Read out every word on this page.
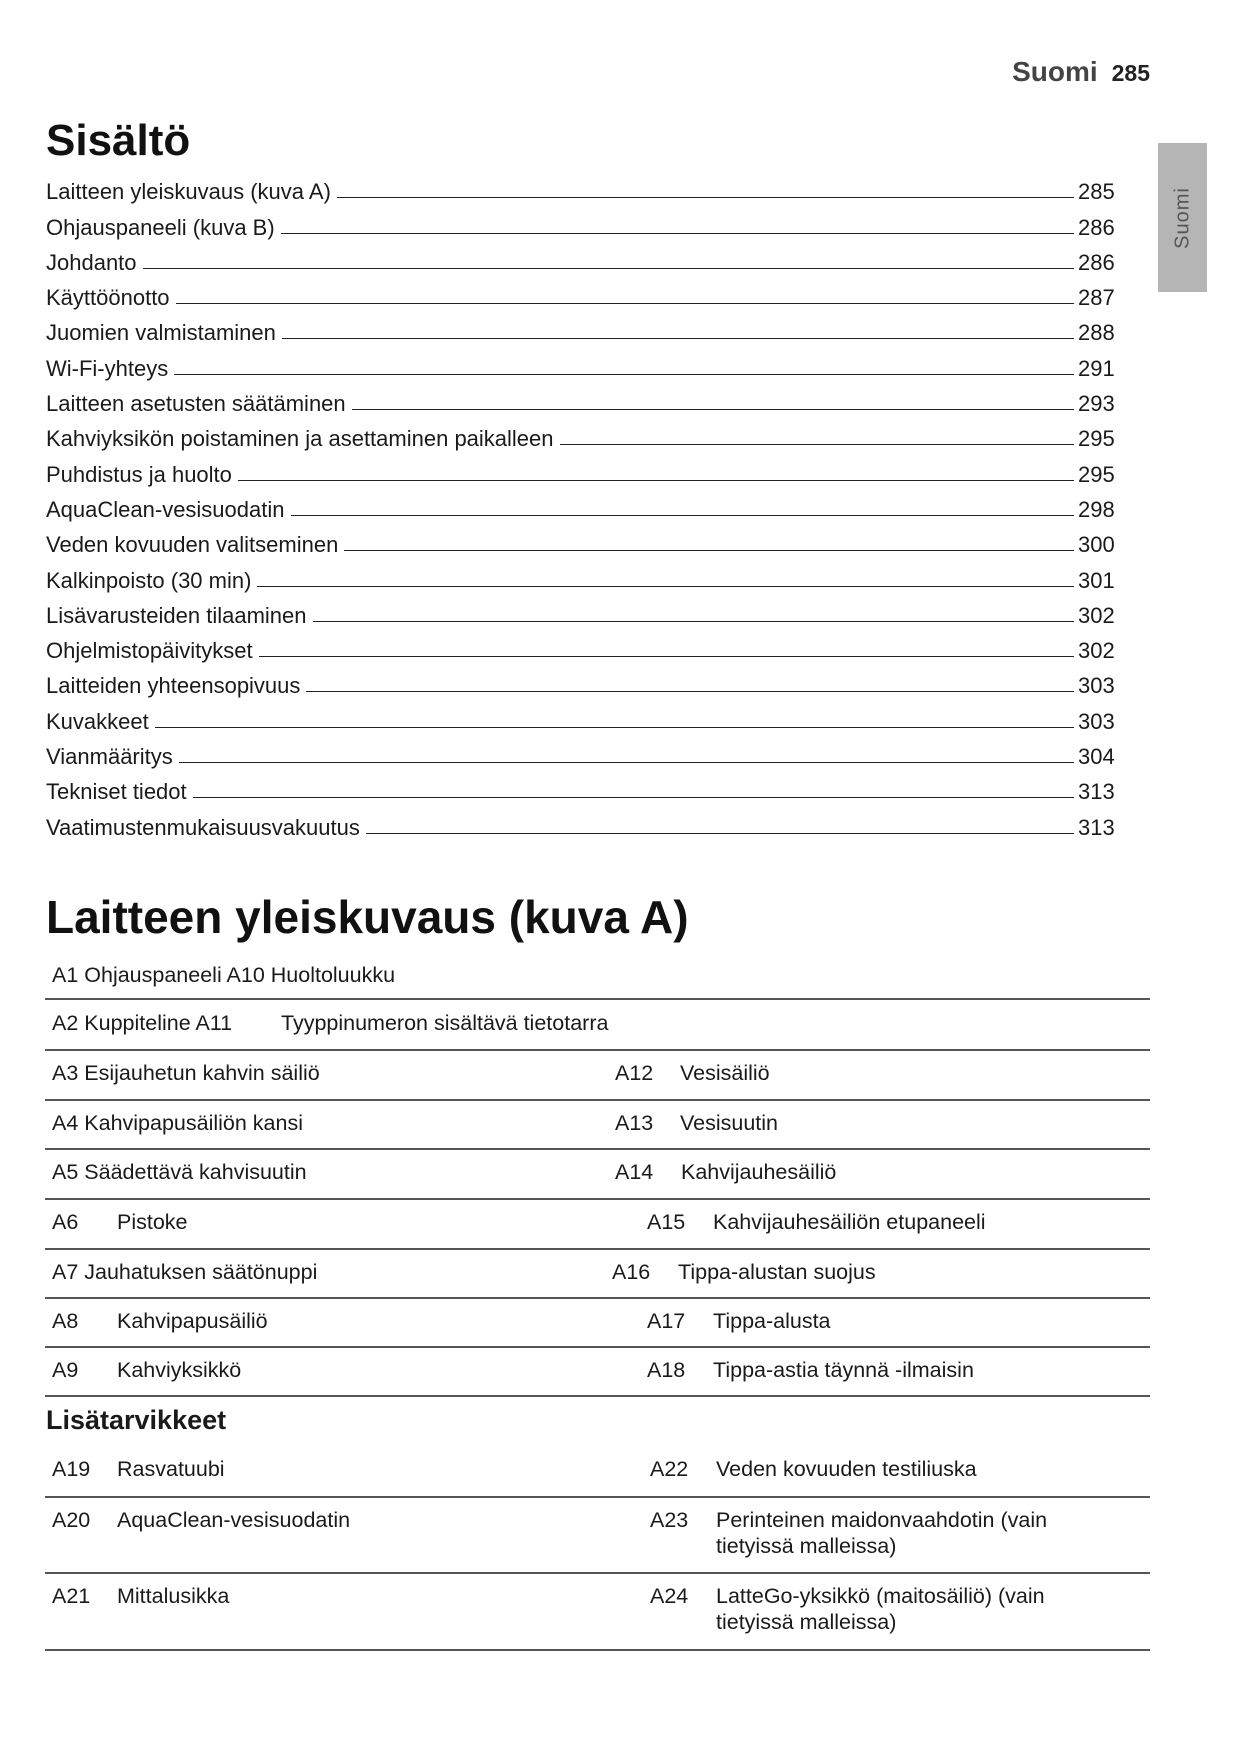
Suomi 285
Suomi
Sisältö
Laitteen yleiskuvaus (kuva A)	285
Ohjauspaneeli (kuva B)	286
Johdanto	286
Käyttöönotto	287
Juomien valmistaminen	288
Wi-Fi-yhteys	291
Laitteen asetusten säätäminen	293
Kahviyksikön poistaminen ja asettaminen paikalleen	295
Puhdistus ja huolto	295
AquaClean-vesisuodatin	298
Veden kovuuden valitseminen	300
Kalkinpoisto (30 min)	301
Lisävarusteiden tilaaminen	302
Ohjelmistopäivitykset	302
Laitteiden yhteensopivuus	303
Kuvakkeet	303
Vianmääritys	304
Tekniset tiedot	313
Vaatimustenmukaisuusvakuutus	313
Laitteen yleiskuvaus (kuva A)
A1 Ohjauspaneeli A10 Huoltoluukku
A2 Kuppiteline A11 Tyyppinumeron sisältävä tietotarra
A3 Esijauhetun kahvin säiliö	A12 Vesisäiliö
A4 Kahvipapusäiliön kansi	A13 Vesisuutin
A5 Säädettävä kahvisuutin	A14 Kahvijauhesäiliö
A6 Pistoke	A15 Kahvijauhesäiliön etupaneeli
A7 Jauhatuksen säätönuppi	A16 Tippa-alustan suojus
A8 Kahvipapusäiliö	A17 Tippa-alusta
A9 Kahviyksikkö	A18 Tippa-astia täynnä -ilmaisin
Lisätarvikkeet
A19 Rasvatuubi	A22 Veden kovuuden testiliuska
A20 AquaClean-vesisuodatin	A23 Perinteinen maidonvaahdotin (vain
tietyissä malleissa)
A21 Mittalusikka	A24 LatteGo-yksikkö (maitosäiliö) (vain
tietyissä malleissa)
